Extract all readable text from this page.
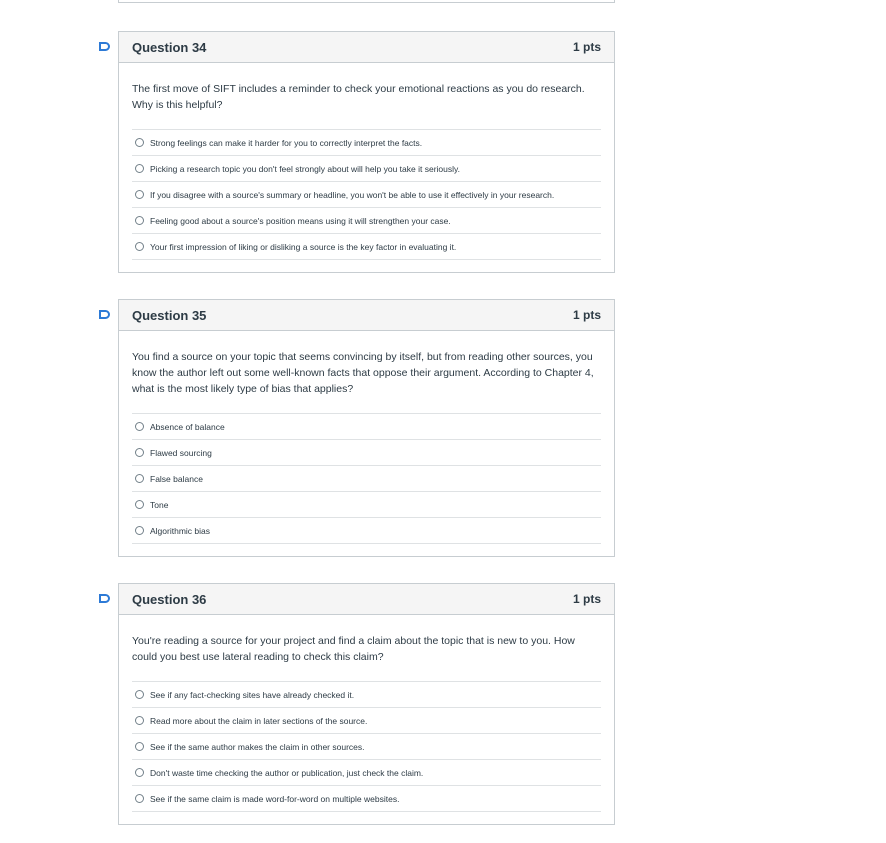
Question 34	1 pts

The first move of SIFT includes a reminder to check your emotional reactions as you do research. Why is this helpful?

Strong feelings can make it harder for you to correctly interpret the facts.
Picking a research topic you don't feel strongly about will help you take it seriously.
If you disagree with a source's summary or headline, you won't be able to use it effectively in your research.
Feeling good about a source's position means using it will strengthen your case.
Your first impression of liking or disliking a source is the key factor in evaluating it.
Question 35	1 pts

You find a source on your topic that seems convincing by itself, but from reading other sources, you know the author left out some well-known facts that oppose their argument. According to Chapter 4, what is the most likely type of bias that applies?

Absence of balance
Flawed sourcing
False balance
Tone
Algorithmic bias
Question 36	1 pts

You're reading a source for your project and find a claim about the topic that is new to you. How could you best use lateral reading to check this claim?

See if any fact-checking sites have already checked it.
Read more about the claim in later sections of the source.
See if the same author makes the claim in other sources.
Don't waste time checking the author or publication, just check the claim.
See if the same claim is made word-for-word on multiple websites.
